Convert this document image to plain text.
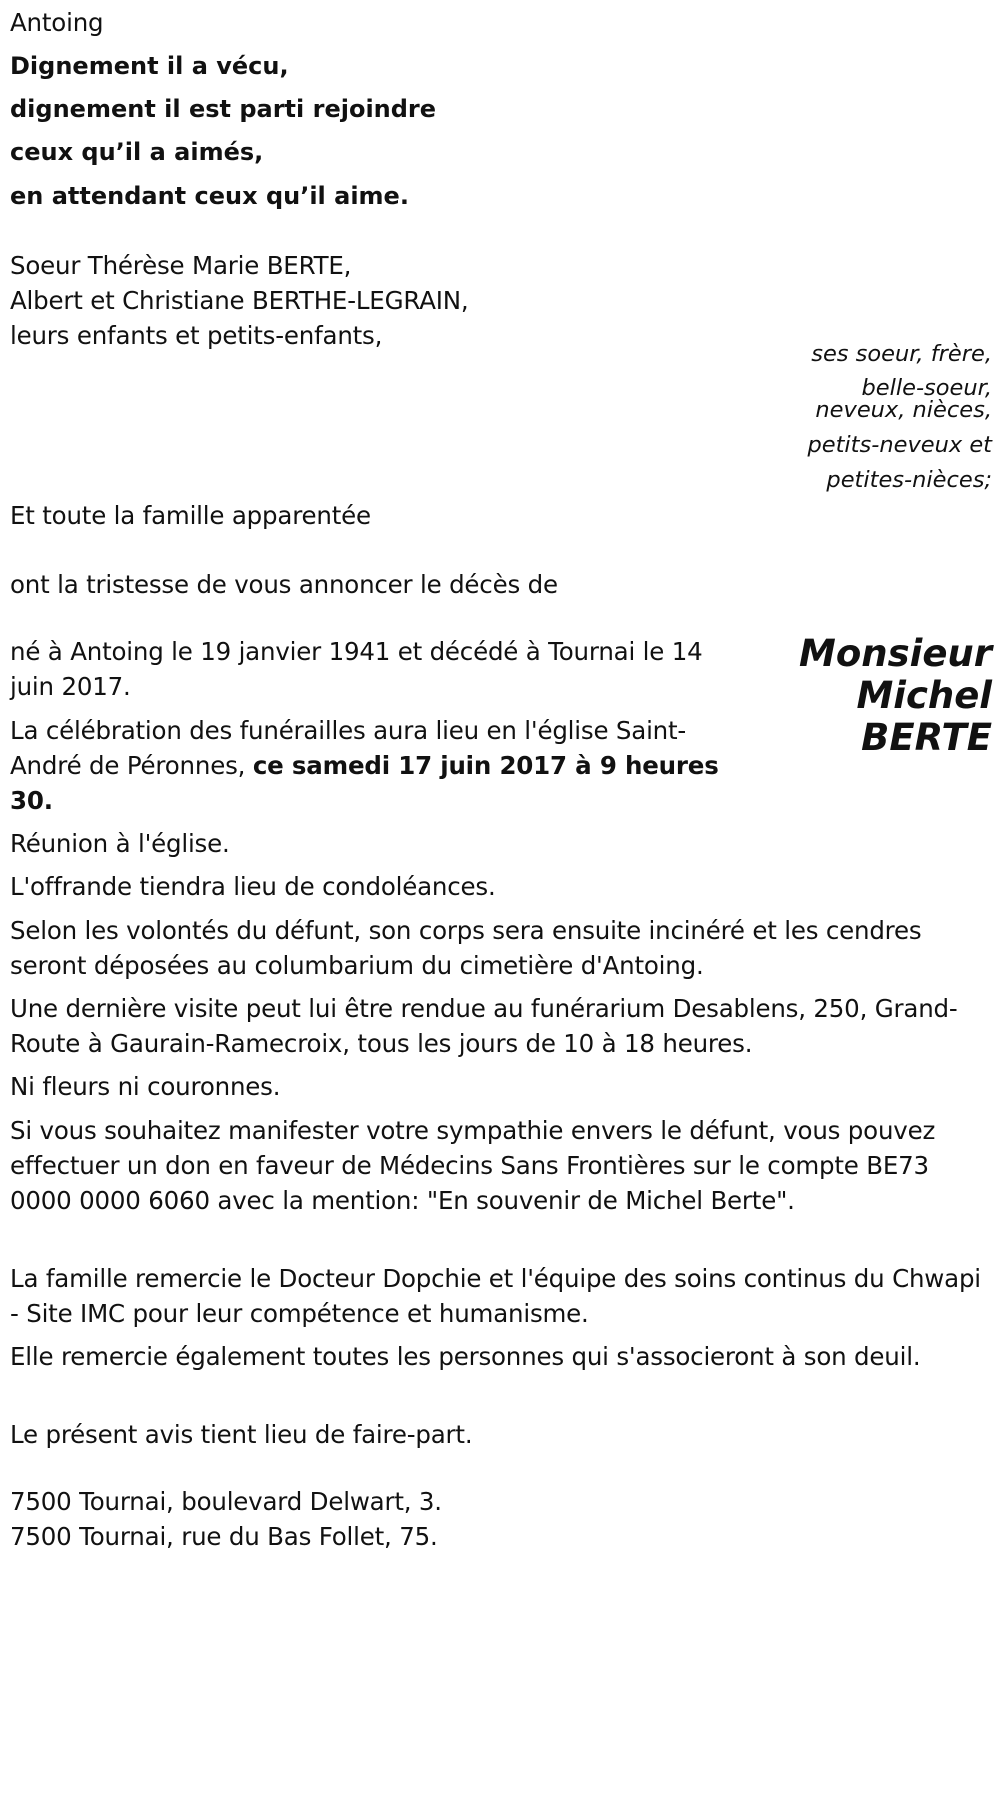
Antoing
Dignement il a vécu,
dignement il est parti rejoindre
ceux qu’il a aimés,
en attendant ceux qu’il aime.
Soeur Thérèse Marie BERTE,
Albert et Christiane BERTHE-LEGRAIN,
leurs enfants et petits-enfants,
ses soeur, frère,
belle-soeur,
neveux, nièces,
petits-neveux et
petites-nièces;
Et toute la famille apparentée
ont la tristesse de vous annoncer le décès de
Monsieur
Michel
BERTE
né à Antoing le 19 janvier 1941 et décédé à Tournai le 14 juin 2017.
La célébration des funérailles aura lieu en l'église Saint-André de Péronnes, ce samedi 17 juin 2017 à 9 heures 30.
Réunion à l'église.
L'offrande tiendra lieu de condoléances.
Selon les volontés du défunt, son corps sera ensuite inciné​ré et les cendres seront déposées au columbarium du cimetière d'Antoing.
Une dernière visite peut lui être rendue au funérarium Desablens, 250, Grand-Route à Gaurain-Ramecroix, tous les jours de 10 à 18 heures.
Ni fleurs ni couronnes.
Si vous souhaitez manifester votre sympathie envers le défunt, vous pouvez effectuer un don en faveur de Médecins Sans Frontières sur le compte BE73 0000 0000 6060 avec la mention: "En souvenir de Michel Berte".
La famille remercie le Docteur Dopchie et l'équipe des soins continus du Chwapi - Site IMC pour leur compétence et humanisme.
Elle remercie également toutes les personnes qui s'associeront à son deuil.
Le présent avis tient lieu de faire-part.
7500 Tournai, boulevard Delwart, 3.
7500 Tournai, rue du Bas Follet, 75.
